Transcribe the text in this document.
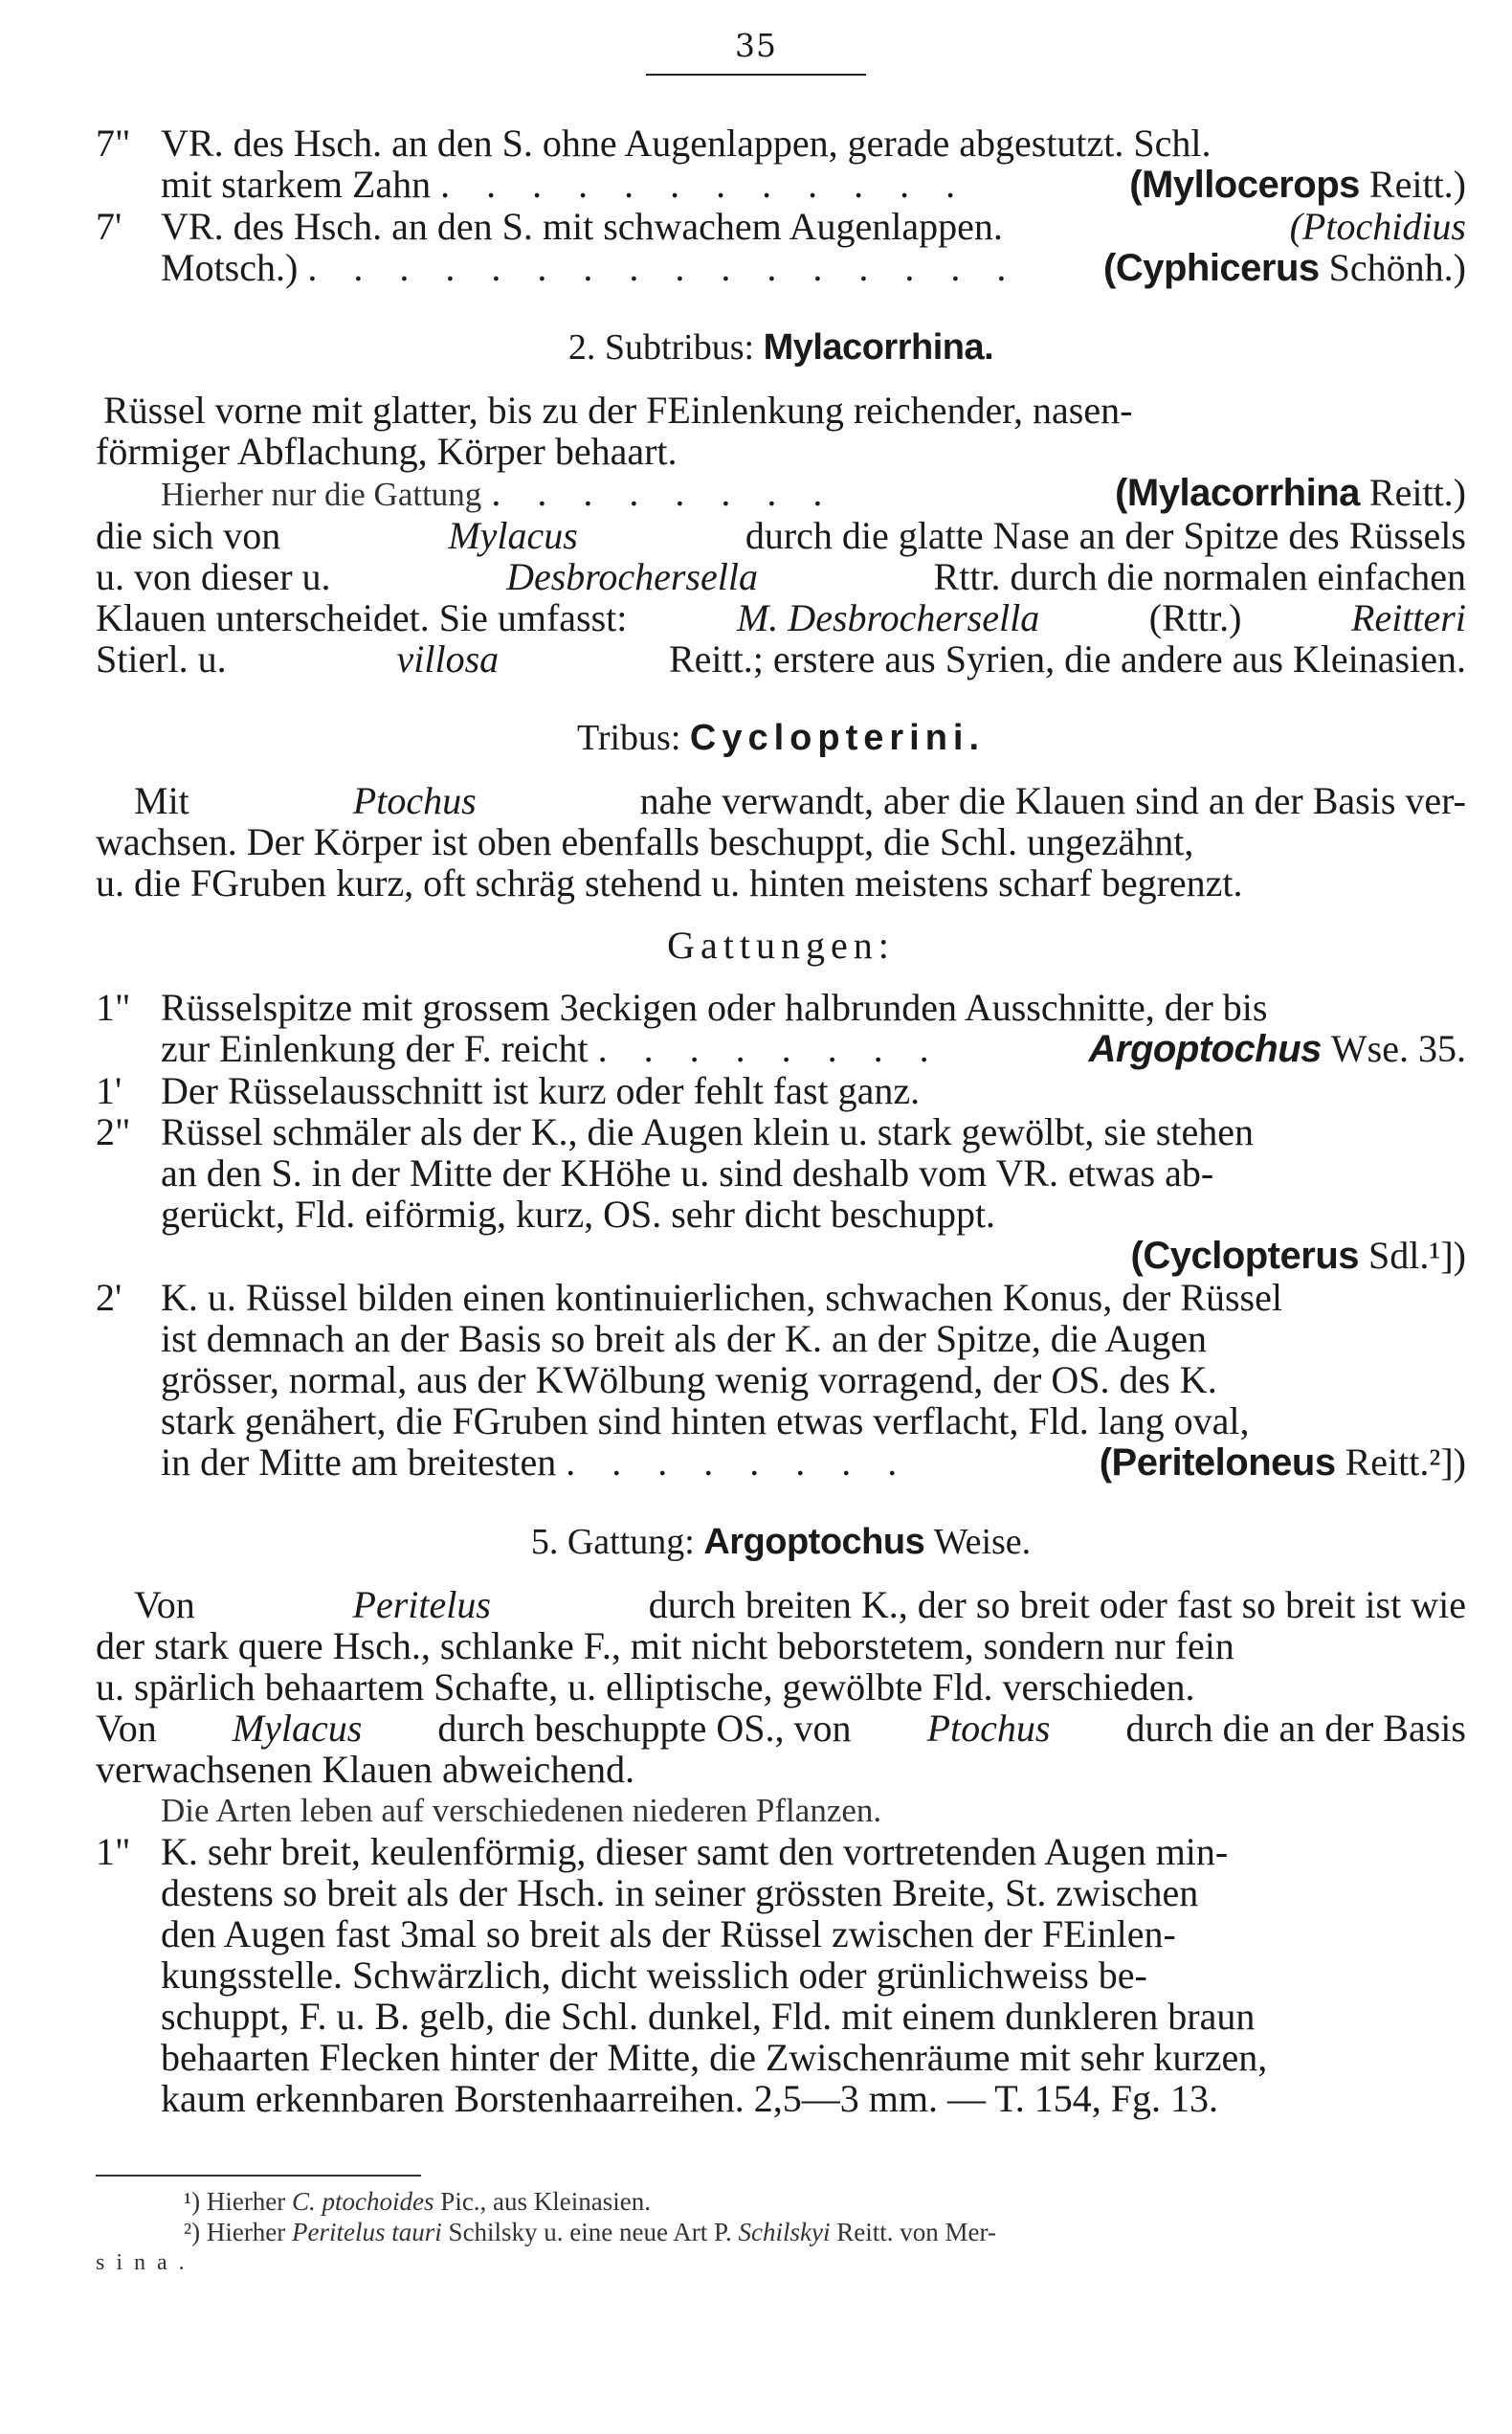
35
7" VR. des Hsch. an den S. ohne Augenlappen, gerade abgestutzt. Schl.
mit starkem Zahn . . . . . . . . . . . .	(Myllocerops
Reitt.)
7'	VR. des Hsch. an den S. mit schwachem Augenlappen.	(Ptochidius
Motsch.) . . . . . . . . . . . . . . . .	(Cyphicerus
Schönh.)
2. Subtribus:
Mylacorrhina.
Rüssel vorne mit glatter, bis zu der FEinlenkung reichender, nasen-
förmiger Abflachung, Körper behaart.
Hierher nur die Gattung . . . . . . . .	(Mylacorrhina
Reitt.)
die sich von	Mylacus	durch die glatte Nase an der Spitze des Rüssels
u. von dieser u.	Desbrochersella	Rttr. durch die normalen einfachen
Klauen unterscheidet. Sie umfasst:	M. Desbrochersella	(Rttr.)	Reitteri
Stierl. u.	villosa	Reitt.; erstere aus Syrien, die andere aus Kleinasien.
Tribus:
Cyclopterini.
Mit	Ptochus	nahe verwandt, aber die Klauen sind an der Basis ver-
wachsen. Der Körper ist oben ebenfalls beschuppt, die Schl. ungezähnt,
u. die FGruben kurz, oft schräg stehend u. hinten meistens scharf begrenzt.
Gattungen:
1" Rüsselspitze mit grossem 3eckigen oder halbrunden Ausschnitte, der bis
zur Einlenkung der F. reicht . . . . . . . .	Argoptochus
Wse. 35.
1'	Der Rüsselausschnitt ist kurz oder fehlt fast ganz.
2" Rüssel schmäler als der K., die Augen klein u. stark gewölbt, sie stehen
an den S. in der Mitte der KHöhe u. sind deshalb vom VR. etwas ab-
gerückt, Fld. eiförmig, kurz, OS. sehr dicht beschuppt.
(Cyclopterus Sdl.¹])
2'	K. u. Rüssel bilden einen kontinuierlichen, schwachen Konus, der Rüssel
ist demnach an der Basis so breit als der K. an der Spitze, die Augen
grösser, normal, aus der KWölbung wenig vorragend, der OS. des K.
stark genähert, die FGruben sind hinten etwas verflacht, Fld. lang oval,
in der Mitte am breitesten . . . . . . . .	(Periteloneus
Reitt.²])
5. Gattung:
Argoptochus
Weise.
Von	Peritelus	durch breiten K., der so breit oder fast so breit ist wie
der stark quere Hsch., schlanke F., mit nicht beborstetem, sondern nur fein
u. spärlich behaartem Schafte, u. elliptische, gewölbte Fld. verschieden.
Von Mylacus durch beschuppte OS., von Ptochus durch die an der Basis
verwachsenen Klauen abweichend.
Die Arten leben auf verschiedenen niederen Pflanzen.
1" K. sehr breit, keulenförmig, dieser samt den vortretenden Augen min-
destens so breit als der Hsch. in seiner grössten Breite, St. zwischen
den Augen fast 3mal so breit als der Rüssel zwischen der FEinlen-
kungsstelle. Schwärzlich, dicht weisslich oder grünlichweiss be-
schuppt, F. u. B. gelb, die Schl. dunkel, Fld. mit einem dunkleren braun
behaarten Flecken hinter der Mitte, die Zwischenräume mit sehr kurzen,
kaum erkennbaren Borstenhaarreihen. 2,5—3 mm. — T. 154, Fg. 13.
¹) Hierher
C. ptochoides
Pic., aus Kleinasien.
²) Hierher
Peritelus tauri
Schilsky u. eine neue Art P.
Schilskyi
Reitt. von Mer-
sina.
